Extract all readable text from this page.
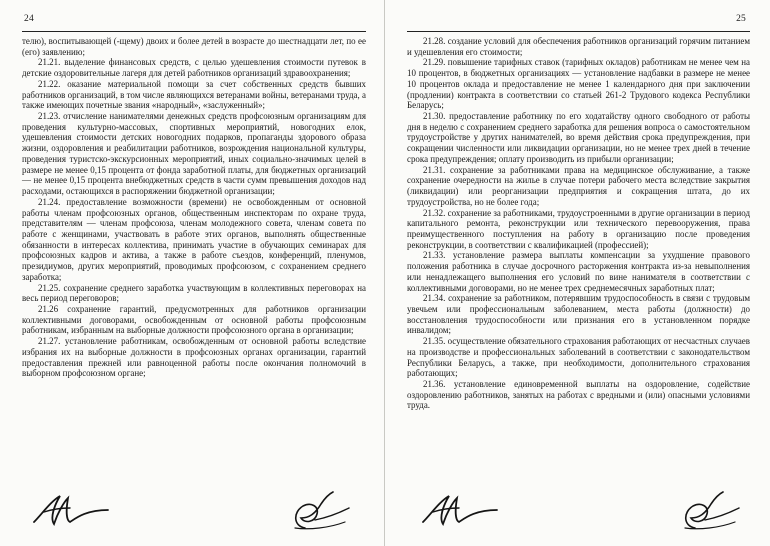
24

телю), воспитывающей (-щему) двоих и более детей в возрасте до шестнадцати лет, по ее (его) заявлению;

21.21. выделение финансовых средств, с целью удешевления стоимости путевок в детские оздоровительные лагеря для детей работников организаций здравоохранения;

21.22. оказание материальной помощи за счет собственных средств бывших работников организаций, в том числе являющихся ветеранами войны, ветеранами труда, а также имеющих почетные звания «народный», «заслуженный»;

21.23. отчисление нанимателями денежных средств профсоюзным организациям для проведения культурно-массовых, спортивных мероприятий, новогодних елок, удешевления стоимости детских новогодних подарков, пропаганды здорового образа жизни, оздоровления и реабилитации работников, возрождения национальной культуры, проведения туристско-экскурсионных мероприятий, иных социально-значимых целей в размере не менее 0,15 процента от фонда заработной платы, для бюджетных организаций — не менее 0,15 процента внебюджетных средств в части сумм превышения доходов над расходами, остающихся в распоряжении бюджетной организации;

21.24. предоставление возможности (времени) не освобожденным от основной работы членам профсоюзных органов, общественным инспекторам по охране труда, представителям — членам профсоюза, членам молодежного совета, членам совета по работе с женщинами, участвовать в работе этих органов, выполнять общественные обязанности в интересах коллектива, принимать участие в обучающих семинарах для профсоюзных кадров и актива, а также в работе съездов, конференций, пленумов, президиумов, других мероприятий, проводимых профсоюзом, с сохранением среднего заработка;

21.25. сохранение среднего заработка участвующим в коллективных переговорах на весь период переговоров;

21.26 сохранение гарантий, предусмотренных для работников организации коллективными договорами, освобожденным от основной работы профсоюзным работникам, избранным на выборные должности профсоюзного органа в организации;

21.27. установление работникам, освобожденным от основной работы вследствие избрания их на выборные должности в профсоюзных органах организации, гарантий предоставления прежней или равноценной работы после окончания полномочий в выборном профсоюзном органе;

25

21.28. создание условий для обеспечения работников организаций горячим питанием и удешевления его стоимости;

21.29. повышение тарифных ставок (тарифных окладов) работникам не менее чем на 10 процентов, в бюджетных организациях — установление надбавки в размере не менее 10 процентов оклада и предоставление не менее 1 календарного дня при заключении (продлении) контракта в соответствии со статьей 261-2 Трудового кодекса Республики Беларусь;

21.30. предоставление работнику по его ходатайству одного свободного от работы дня в неделю с сохранением среднего заработка для решения вопроса о самостоятельном трудоустройстве у других нанимателей, во время действия срока предупреждения, при сокращении численности или ликвидации организации, но не менее трех дней в течение срока предупреждения; оплату производить из прибыли организации;

21.31. сохранение за работниками права на медицинское обслуживание, а также сохранение очередности на жилье в случае потери рабочего места вследствие закрытия (ликвидации) или реорганизации предприятия и сокращения штата, до их трудоустройства, но не более года;

21.32. сохранение за работниками, трудоустроенными в другие организации в период капитального ремонта, реконструкции или технического перевооружения, права преимущественного поступления на работу в организацию после проведения реконструкции, в соответствии с квалификацией (профессией);

21.33. установление размера выплаты компенсации за ухудшение правового положения работника в случае досрочного расторжения контракта из-за невыполнения или ненадлежащего выполнения его условий по вине нанимателя в соответствии с коллективными договорами, но не менее трех среднемесячных заработных плат;

21.34. сохранение за работником, потерявшим трудоспособность в связи с трудовым увечьем или профессиональным заболеванием, места работы (должности) до восстановления трудоспособности или признания его в установленном порядке инвалидом;

21.35. осуществление обязательного страхования работающих от несчастных случаев на производстве и профессиональных заболеваний в соответствии с законодательством Республики Беларусь, а также, при необходимости, дополнительного страхования работающих;

21.36. установление единовременной выплаты на оздоровление, содействие оздоровлению работников, занятых на работах с вредными и (или) опасными условиями труда.
